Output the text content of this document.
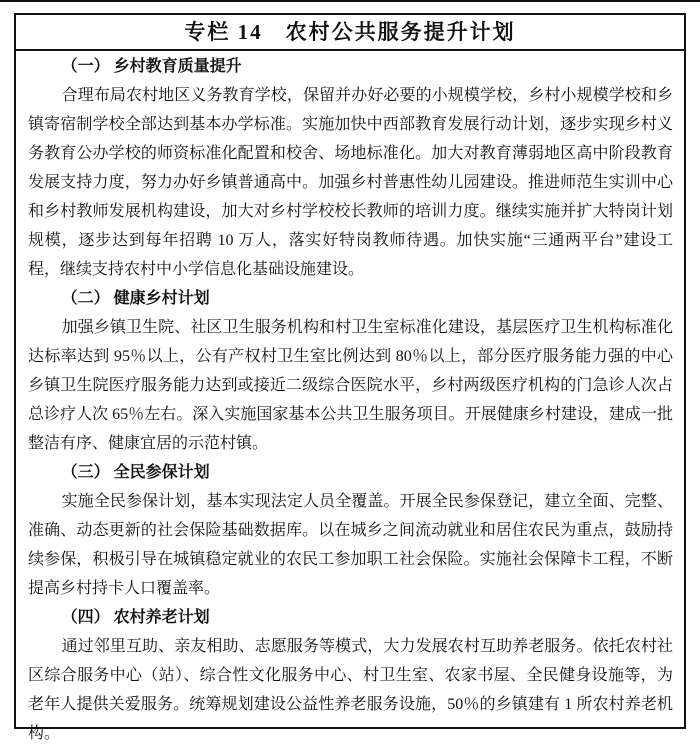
专栏 14　农村公共服务提升计划
（一） 乡村教育质量提升

合理布局农村地区义务教育学校，保留并办好必要的小规模学校，乡村小规模学校和乡镇寄宿制学校全部达到基本办学标准。实施加快中西部教育发展行动计划，逐步实现乡村义务教育公办学校的师资标准化配置和校舍、场地标准化。加大对教育薄弱地区高中阶段教育发展支持力度，努力办好乡镇普通高中。加强乡村普惠性幼儿园建设。推进师范生实训中心和乡村教师发展机构建设，加大对乡村学校校长教师的培训力度。继续实施并扩大特岗计划规模，逐步达到每年招聘 10 万人，落实好特岗教师待遇。加快实施“三通两平台”建设工程，继续支持农村中小学信息化基础设施建设。

（二） 健康乡村计划

加强乡镇卫生院、社区卫生服务机构和村卫生室标准化建设，基层医疗卫生机构标准化达标率达到 95％以上，公有产权村卫生室比例达到 80％以上，部分医疗服务能力强的中心乡镇卫生院医疗服务能力达到或接近二级综合医院水平，乡村两级医疗机构的门急诊人次占总诊疗人次 65％左右。深入实施国家基本公共卫生服务项目。开展健康乡村建设，建成一批整洁有序、健康宜居的示范村镇。

（三） 全民参保计划

实施全民参保计划，基本实现法定人员全覆盖。开展全民参保登记，建立全面、完整、准确、动态更新的社会保险基础数据库。以在城乡之间流动就业和居住农民为重点，鼓励持续参保，积极引导在城镇稳定就业的农民工参加职工社会保险。实施社会保障卡工程，不断提高乡村持卡人口覆盖率。

（四） 农村养老计划

通过邻里互助、亲友相助、志愿服务等模式，大力发展农村互助养老服务。依托农村社区综合服务中心（站）、综合性文化服务中心、村卫生室、农家书屋、全民健身设施等，为老年人提供关爱服务。统筹规划建设公益性养老服务设施，50％的乡镇建有 1 所农村养老机构。
